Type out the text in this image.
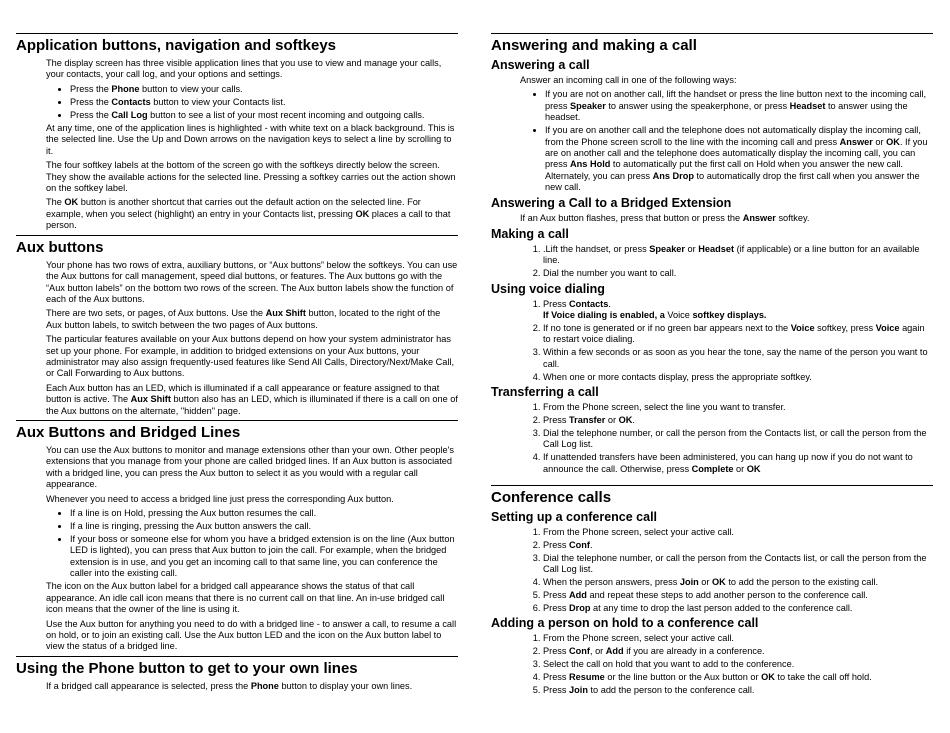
Application buttons, navigation and softkeys

The display screen has three visible application lines that you use to view and manage your calls, your contacts, your call log, and your options and settings.

• Press the Phone button to view your calls.
• Press the Contacts button to view your Contacts list.
• Press the Call Log button to see a list of your most recent incoming and outgoing calls.

At any time, one of the application lines is highlighted - with white text on a black background. This is the selected line. Use the Up and Down arrows on the navigation keys to select a line by scrolling to it.

The four softkey labels at the bottom of the screen go with the softkeys directly below the screen. They show the available actions for the selected line. Pressing a softkey carries out the action shown on the softkey label.

The OK button is another shortcut that carries out the default action on the selected line. For example, when you select (highlight) an entry in your Contacts list, pressing OK places a call to that person.

Aux buttons

Your phone has two rows of extra, auxiliary buttons, or “Aux buttons” below the softkeys. You can use the Aux buttons for call management, speed dial buttons, or features. The Aux buttons go with the “Aux button labels” on the bottom two rows of the screen. The Aux button labels show the function of each of the Aux buttons.

There are two sets, or pages, of Aux buttons. Use the Aux Shift button, located to the right of the Aux button labels, to switch between the two pages of Aux buttons.

The particular features available on your Aux buttons depend on how your system administrator has set up your phone. For example, in addition to bridged extensions on your Aux buttons, your administrator may also assign frequently-used features like Send All Calls, Directory/Next/Make Call, or Call Forwarding to Aux buttons.

Each Aux button has an LED, which is illuminated if a call appearance or feature assigned to that button is active. The Aux Shift button also has an LED, which is illuminated if there is a call on one of the Aux buttons on the alternate, "hidden" page.

Aux Buttons and Bridged Lines

You can use the Aux buttons to monitor and manage extensions other than your own. Other people's extensions that you manage from your phone are called bridged lines. If an Aux button is associated with a bridged line, you can press the Aux button to select it as you would with a regular call appearance.

Whenever you need to access a bridged line just press the corresponding Aux button.

• If a line is on Hold, pressing the Aux button resumes the call.
• If a line is ringing, pressing the Aux button answers the call.
• If your boss or someone else for whom you have a bridged extension is on the line (Aux button LED is lighted), you can press that Aux button to join the call. For example, when the bridged extension is in use, and you get an incoming call to that same line, you can conference the caller into the existing call.

The icon on the Aux button label for a bridged call appearance shows the status of that call appearance. An idle call icon means that there is no current call on that line. An in-use bridged call icon means that the owner of the line is using it.

Use the Aux button for anything you need to do with a bridged line - to answer a call, to resume a call on hold, or to join an existing call. Use the Aux button LED and the icon on the Aux button label to view the status of a bridged line.

Using the Phone button to get to your own lines

If a bridged call appearance is selected, press the Phone button to display your own lines.

Answering and making a call
Answering a call

Answer an incoming call in one of the following ways:

• If you are not on another call, lift the handset or press the line button next to the incoming call, press Speaker to answer using the speakerphone, or press Headset to answer using the headset.
• If you are on another call and the telephone does not automatically display the incoming call, from the Phone screen scroll to the line with the incoming call and press Answer or OK. If you are on another call and the telephone does automatically display the incoming call, you can press Ans Hold to automatically put the first call on Hold when you answer the new call. Alternately, you can press Ans Drop to automatically drop the first call when you answer the new call.
Answering a Call to a Bridged Extension

If an Aux button flashes, press that button or press the Answer softkey.

Making a call
1. .Lift the handset, or press Speaker or Headset (if applicable) or a line button for an available line.
2. Dial the number you want to call.
Using voice dialing
1. Press Contacts.
If Voice dialing is enabled, a Voice softkey displays.
2. If no tone is generated or if no green bar appears next to the Voice softkey, press Voice again to restart voice dialing.
3. Within a few seconds or as soon as you hear the tone, say the name of the person you want to call.
4. When one or more contacts display, press the appropriate softkey.
Transferring a call
1. From the Phone screen, select the line you want to transfer.
2. Press Transfer or OK.
3. Dial the telephone number, or call the person from the Contacts list, or call the person from the Call Log list.
4. If unattended transfers have been administered, you can hang up now if you do not want to announce the call. Otherwise, press Complete or OK
Conference calls
Setting up a conference call
1. From the Phone screen, select your active call.
2. Press Conf.
3. Dial the telephone number, or call the person from the Contacts list, or call the person from the Call Log list.
4. When the person answers, press Join or OK to add the person to the existing call.
5. Press Add and repeat these steps to add another person to the conference call.
6. Press Drop at any time to drop the last person added to the conference call.
Adding a person on hold to a conference call
1. From the Phone screen, select your active call.
2. Press Conf, or Add if you are already in a conference.
3. Select the call on hold that you want to add to the conference.
4. Press Resume or the line button or the Aux button or OK to take the call off hold.
5. Press Join to add the person to the conference call.
